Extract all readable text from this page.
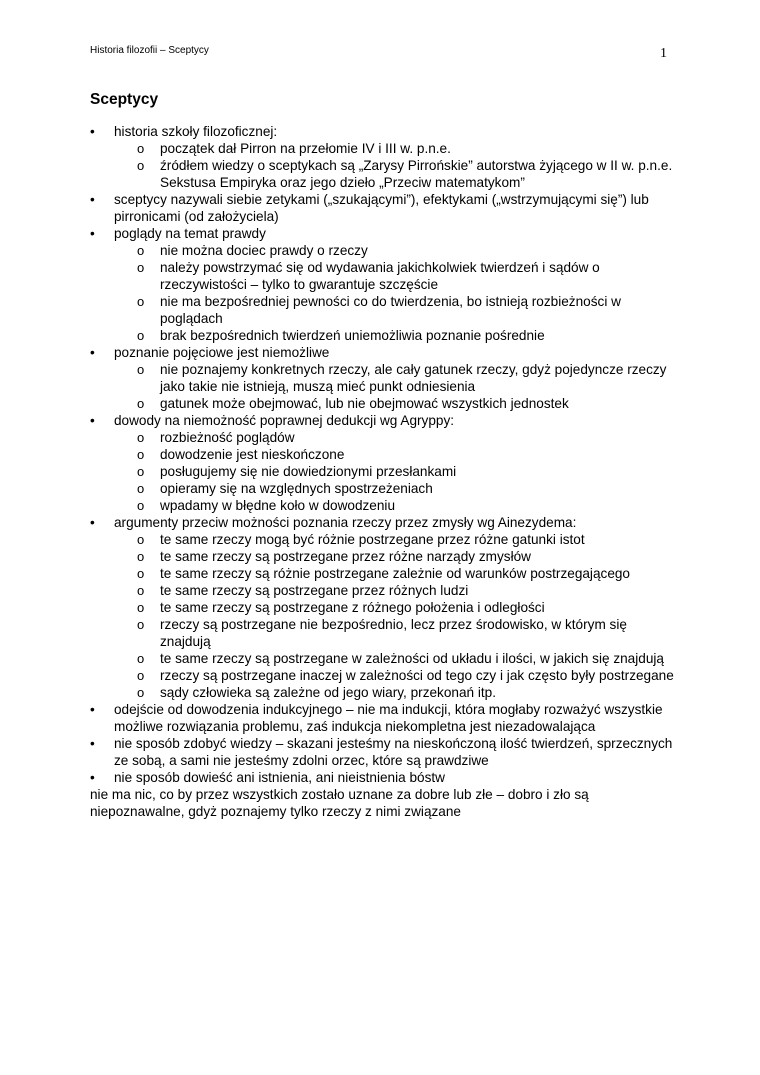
Historia filozofii – Sceptycy	1
Sceptycy
• historia szkoły filozoficznej:
o początek dał Pirron na przełomie IV i III w. p.n.e.
o źródłem wiedzy o sceptykach są „Zarysy Pirrońskie” autorstwa żyjącego w II w. p.n.e. Sekstusa Empiryka oraz jego dzieło „Przeciw matematykom”
• sceptycy nazywali siebie zetykami („szukającymi”), efektykami („wstrzymującymi się”) lub pirronicami (od założyciela)
• poglądy na temat prawdy
o nie można dociec prawdy o rzeczy
o należy powstrzymać się od wydawania jakichkolwiek twierdzeń i sądów o rzeczywistości – tylko to gwarantuje szczęście
o nie ma bezpośredniej pewności co do twierdzenia, bo istnieją rozbieżności w poglądach
o brak bezpośrednich twierdzeń uniemożliwia poznanie pośrednie
• poznanie pojęciowe jest niemożliwe
o nie poznajemy konkretnych rzeczy, ale cały gatunek rzeczy, gdyż pojedyncze rzeczy jako takie nie istnieją, muszą mieć punkt odniesienia
o gatunek może obejmować, lub nie obejmować wszystkich jednostek
• dowody na niemożność poprawnej dedukcji wg Agryppy:
o rozbieżność poglądów
o dowodzenie jest nieskończone
o posługujemy się nie dowiedzionymi przesłankami
o opieramy się na względnych spostrzeżeniach
o wpadamy w błędne koło w dowodzeniu
• argumenty przeciw możności poznania rzeczy przez zmysły wg Ainezydema:
o te same rzeczy mogą być różnie postrzegane przez różne gatunki istot
o te same rzeczy są postrzegane przez różne narządy zmysłów
o te same rzeczy są różnie postrzegane zależnie od warunków postrzegającego
o te same rzeczy są postrzegane przez różnych ludzi
o te same rzeczy są postrzegane z różnego położenia i odległości
o rzeczy są postrzegane nie bezpośrednio, lecz przez środowisko, w którym się znajdują
o te same rzeczy są postrzegane w zależności od układu i ilości, w jakich się znajdują
o rzeczy są postrzegane inaczej w zależności od tego czy i jak często były postrzegane
o sądy człowieka są zależne od jego wiary, przekonań itp.
• odejście od dowodzenia indukcyjnego – nie ma indukcji, która mogłaby rozważyć wszystkie możliwe rozwiązania problemu, zaś indukcja niekompletna jest niezadowalająca
• nie sposób zdobyć wiedzy – skazani jesteśmy na nieskończoną ilość twierdzeń, sprzecznych ze sobą, a sami nie jesteśmy zdolni orzec, które są prawdziwe
• nie sposób dowieść ani istnienia, ani nieistnienia bóstw
nie ma nic, co by przez wszystkich zostało uznane za dobre lub złe – dobro i zło są niepoznawalne, gdyż poznajemy tylko rzeczy z nimi związane
